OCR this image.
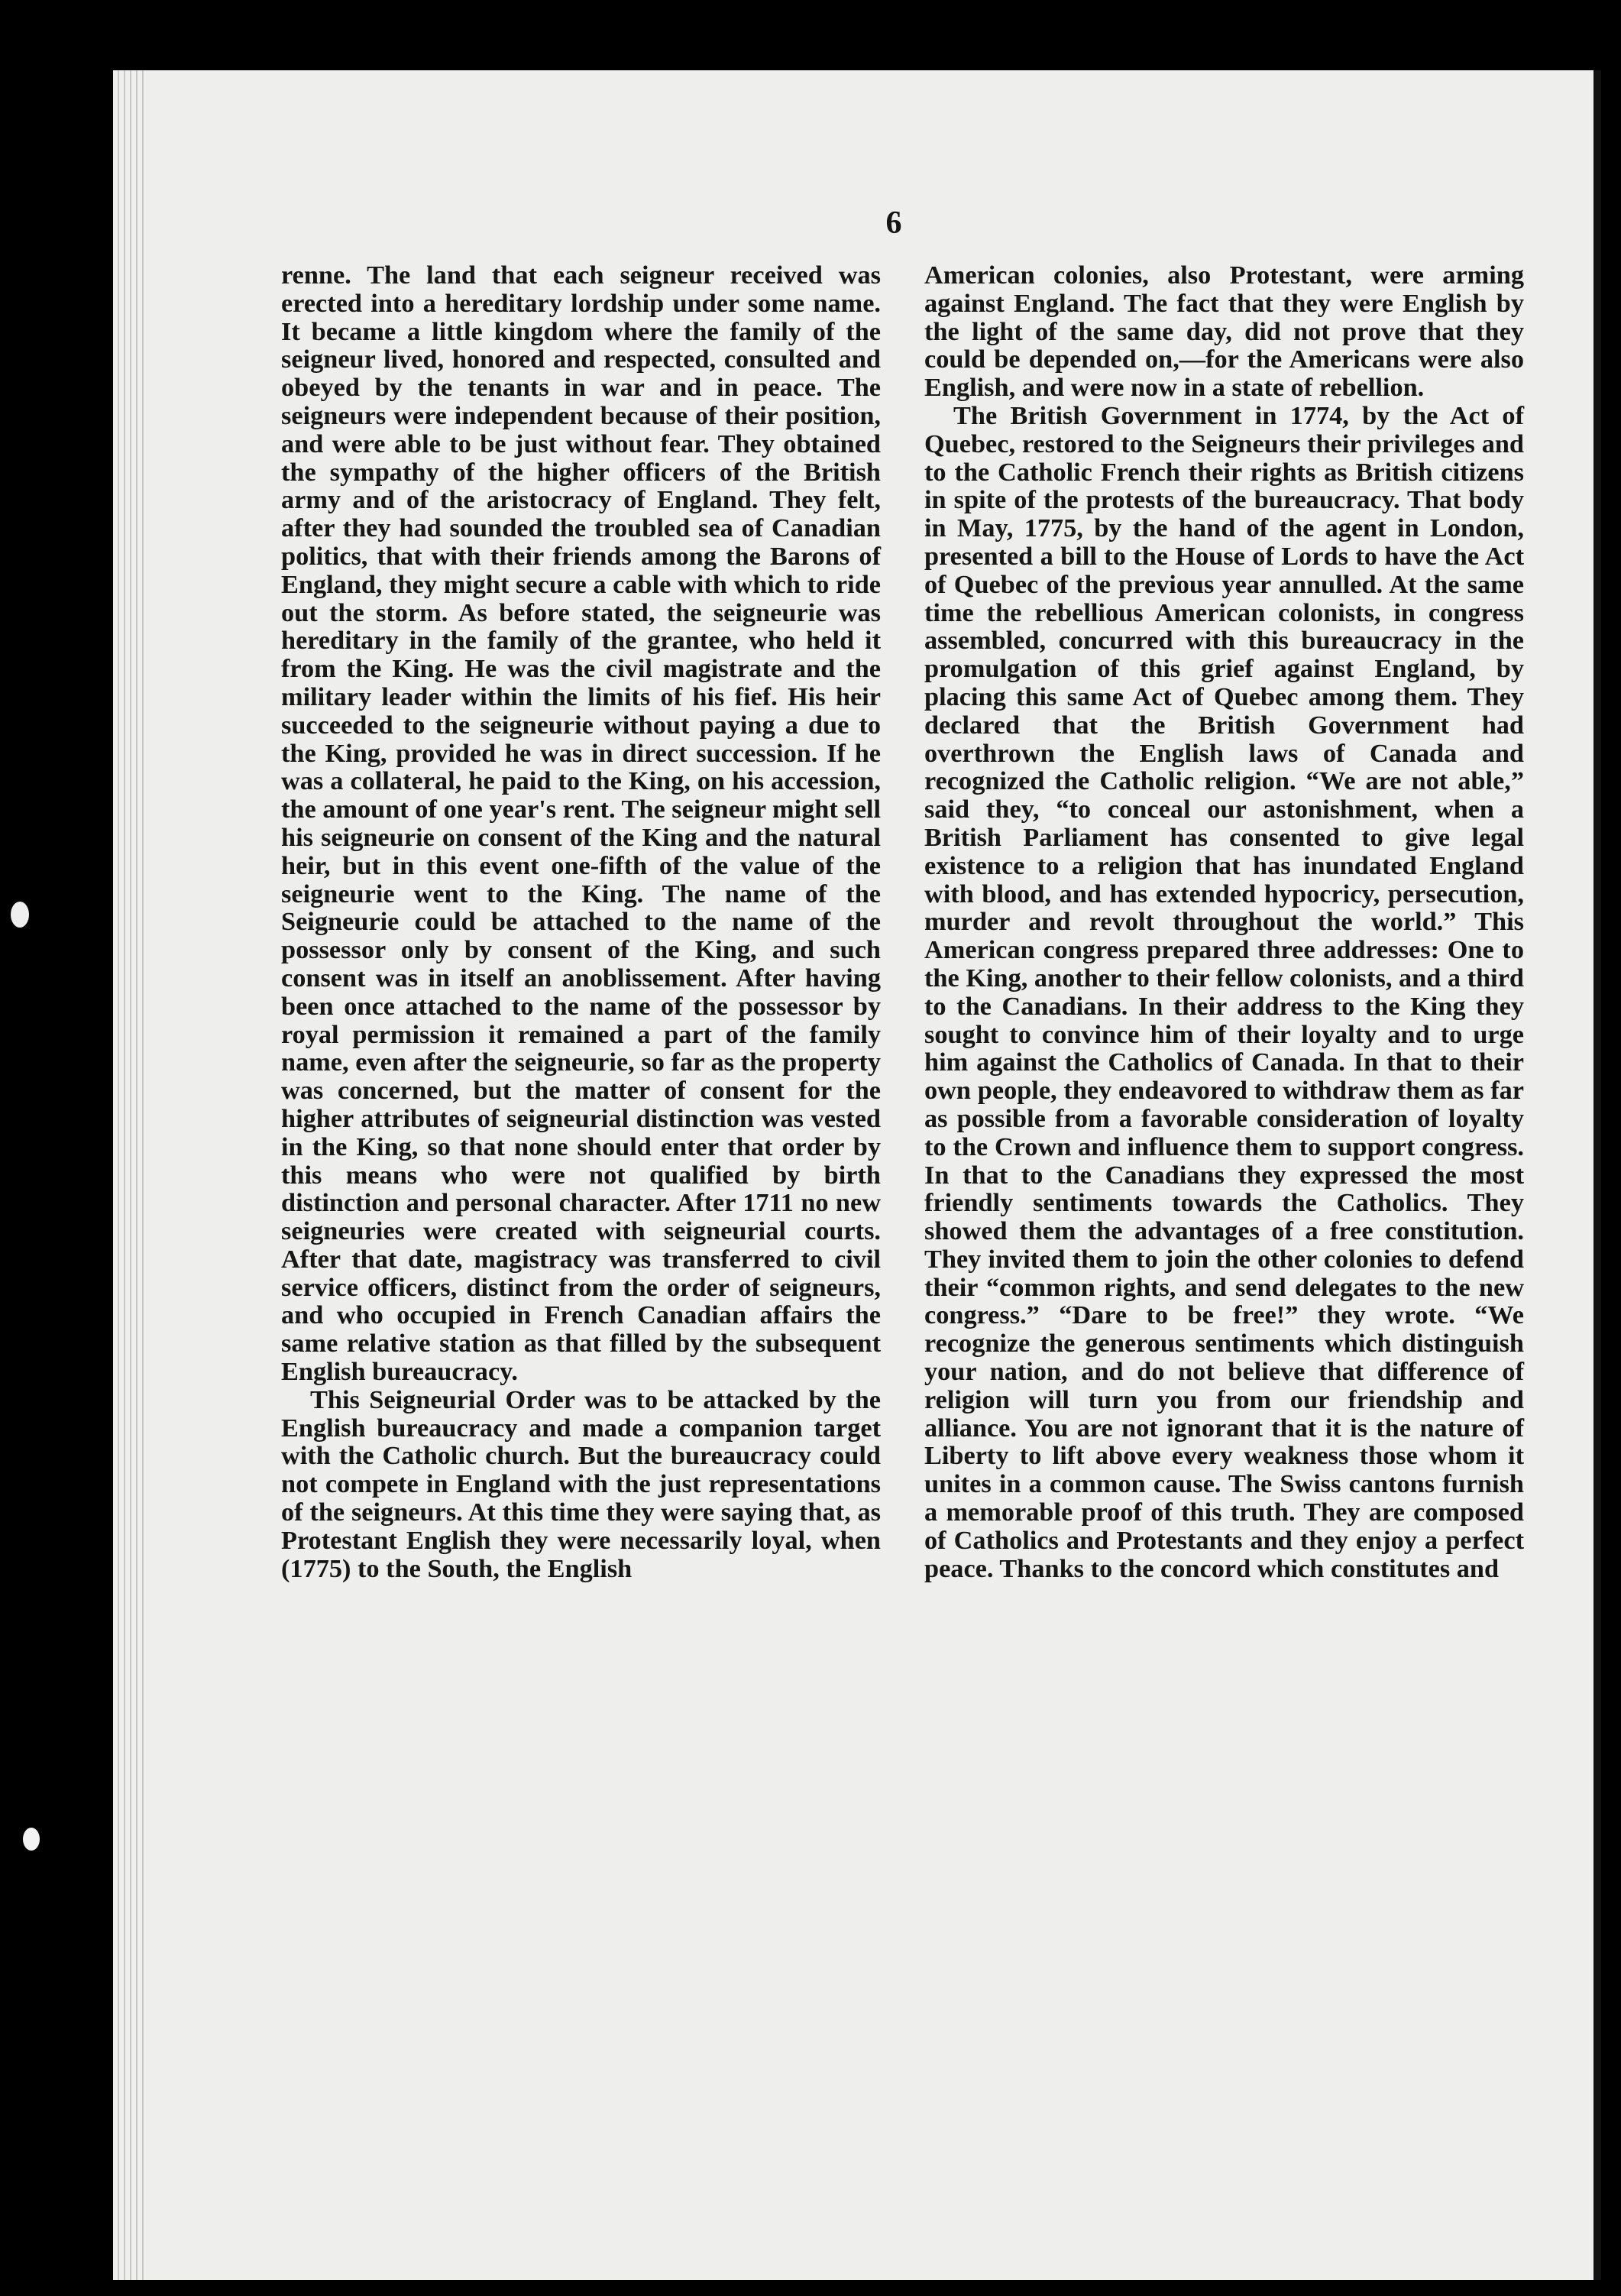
6

renne. The land that each seigneur received was erected into a hereditary lordship under some name. It became a little kingdom where the family of the seigneur lived, honored and respected, consulted and obeyed by the tenants in war and in peace. The seigneurs were independent because of their position, and were able to be just without fear. They obtained the sympathy of the higher officers of the British army and of the aristocracy of England. They felt, after they had sounded the troubled sea of Canadian politics, that with their friends among the Barons of England, they might secure a cable with which to ride out the storm. As before stated, the seigneurie was hereditary in the family of the grantee, who held it from the King. He was the civil magistrate and the military leader within the limits of his fief. His heir succeeded to the seigneurie without paying a due to the King, provided he was in direct succession. If he was a collateral, he paid to the King, on his accession, the amount of one year's rent. The seigneur might sell his seigneurie on consent of the King and the natural heir, but in this event one-fifth of the value of the seigneurie went to the King. The name of the Seigneurie could be attached to the name of the possessor only by consent of the King, and such consent was in itself an anoblissement. After having been once attached to the name of the possessor by royal permission it remained a part of the family name, even after the seigneurie, so far as the property was concerned, but the matter of consent for the higher attributes of seigneurial distinction was vested in the King, so that none should enter that order by this means who were not qualified by birth distinction and personal character. After 1711 no new seigneuries were created with seigneurial courts. After that date, magistracy was transferred to civil service officers, distinct from the order of seigneurs, and who occupied in French Canadian affairs the same relative station as that filled by the subsequent English bureaucracy.

This Seigneurial Order was to be attacked by the English bureaucracy and made a companion target with the Catholic church. But the bureaucracy could not compete in England with the just representations of the seigneurs. At this time they were saying that, as Protestant English they were necessarily loyal, when (1775) to the South, the English

American colonies, also Protestant, were arming against England. The fact that they were English by the light of the same day, did not prove that they could be depended on,—for the Americans were also English, and were now in a state of rebellion.

The British Government in 1774, by the Act of Quebec, restored to the Seigneurs their privileges and to the Catholic French their rights as British citizens in spite of the protests of the bureaucracy. That body in May, 1775, by the hand of the agent in London, presented a bill to the House of Lords to have the Act of Quebec of the previous year annulled. At the same time the rebellious American colonists, in congress assembled, concurred with this bureaucracy in the promulgation of this grief against England, by placing this same Act of Quebec among them. They declared that the British Government had overthrown the English laws of Canada and recognized the Catholic religion. “We are not able,” said they, “to conceal our astonishment, when a British Parliament has consented to give legal existence to a religion that has inundated England with blood, and has extended hypocricy, persecution, murder and revolt throughout the world.” This American congress prepared three addresses: One to the King, another to their fellow colonists, and a third to the Canadians. In their address to the King they sought to convince him of their loyalty and to urge him against the Catholics of Canada. In that to their own people, they endeavored to withdraw them as far as possible from a favorable consideration of loyalty to the Crown and influence them to support congress. In that to the Canadians they expressed the most friendly sentiments towards the Catholics. They showed them the advantages of a free constitution. They invited them to join the other colonies to defend their “common rights, and send delegates to the new congress.” “Dare to be free!” they wrote. “We recognize the generous sentiments which distinguish your nation, and do not believe that difference of religion will turn you from our friendship and alliance. You are not ignorant that it is the nature of Liberty to lift above every weakness those whom it unites in a common cause. The Swiss cantons furnish a memorable proof of this truth. They are composed of Catholics and Protestants and they enjoy a perfect peace. Thanks to the concord which constitutes and
